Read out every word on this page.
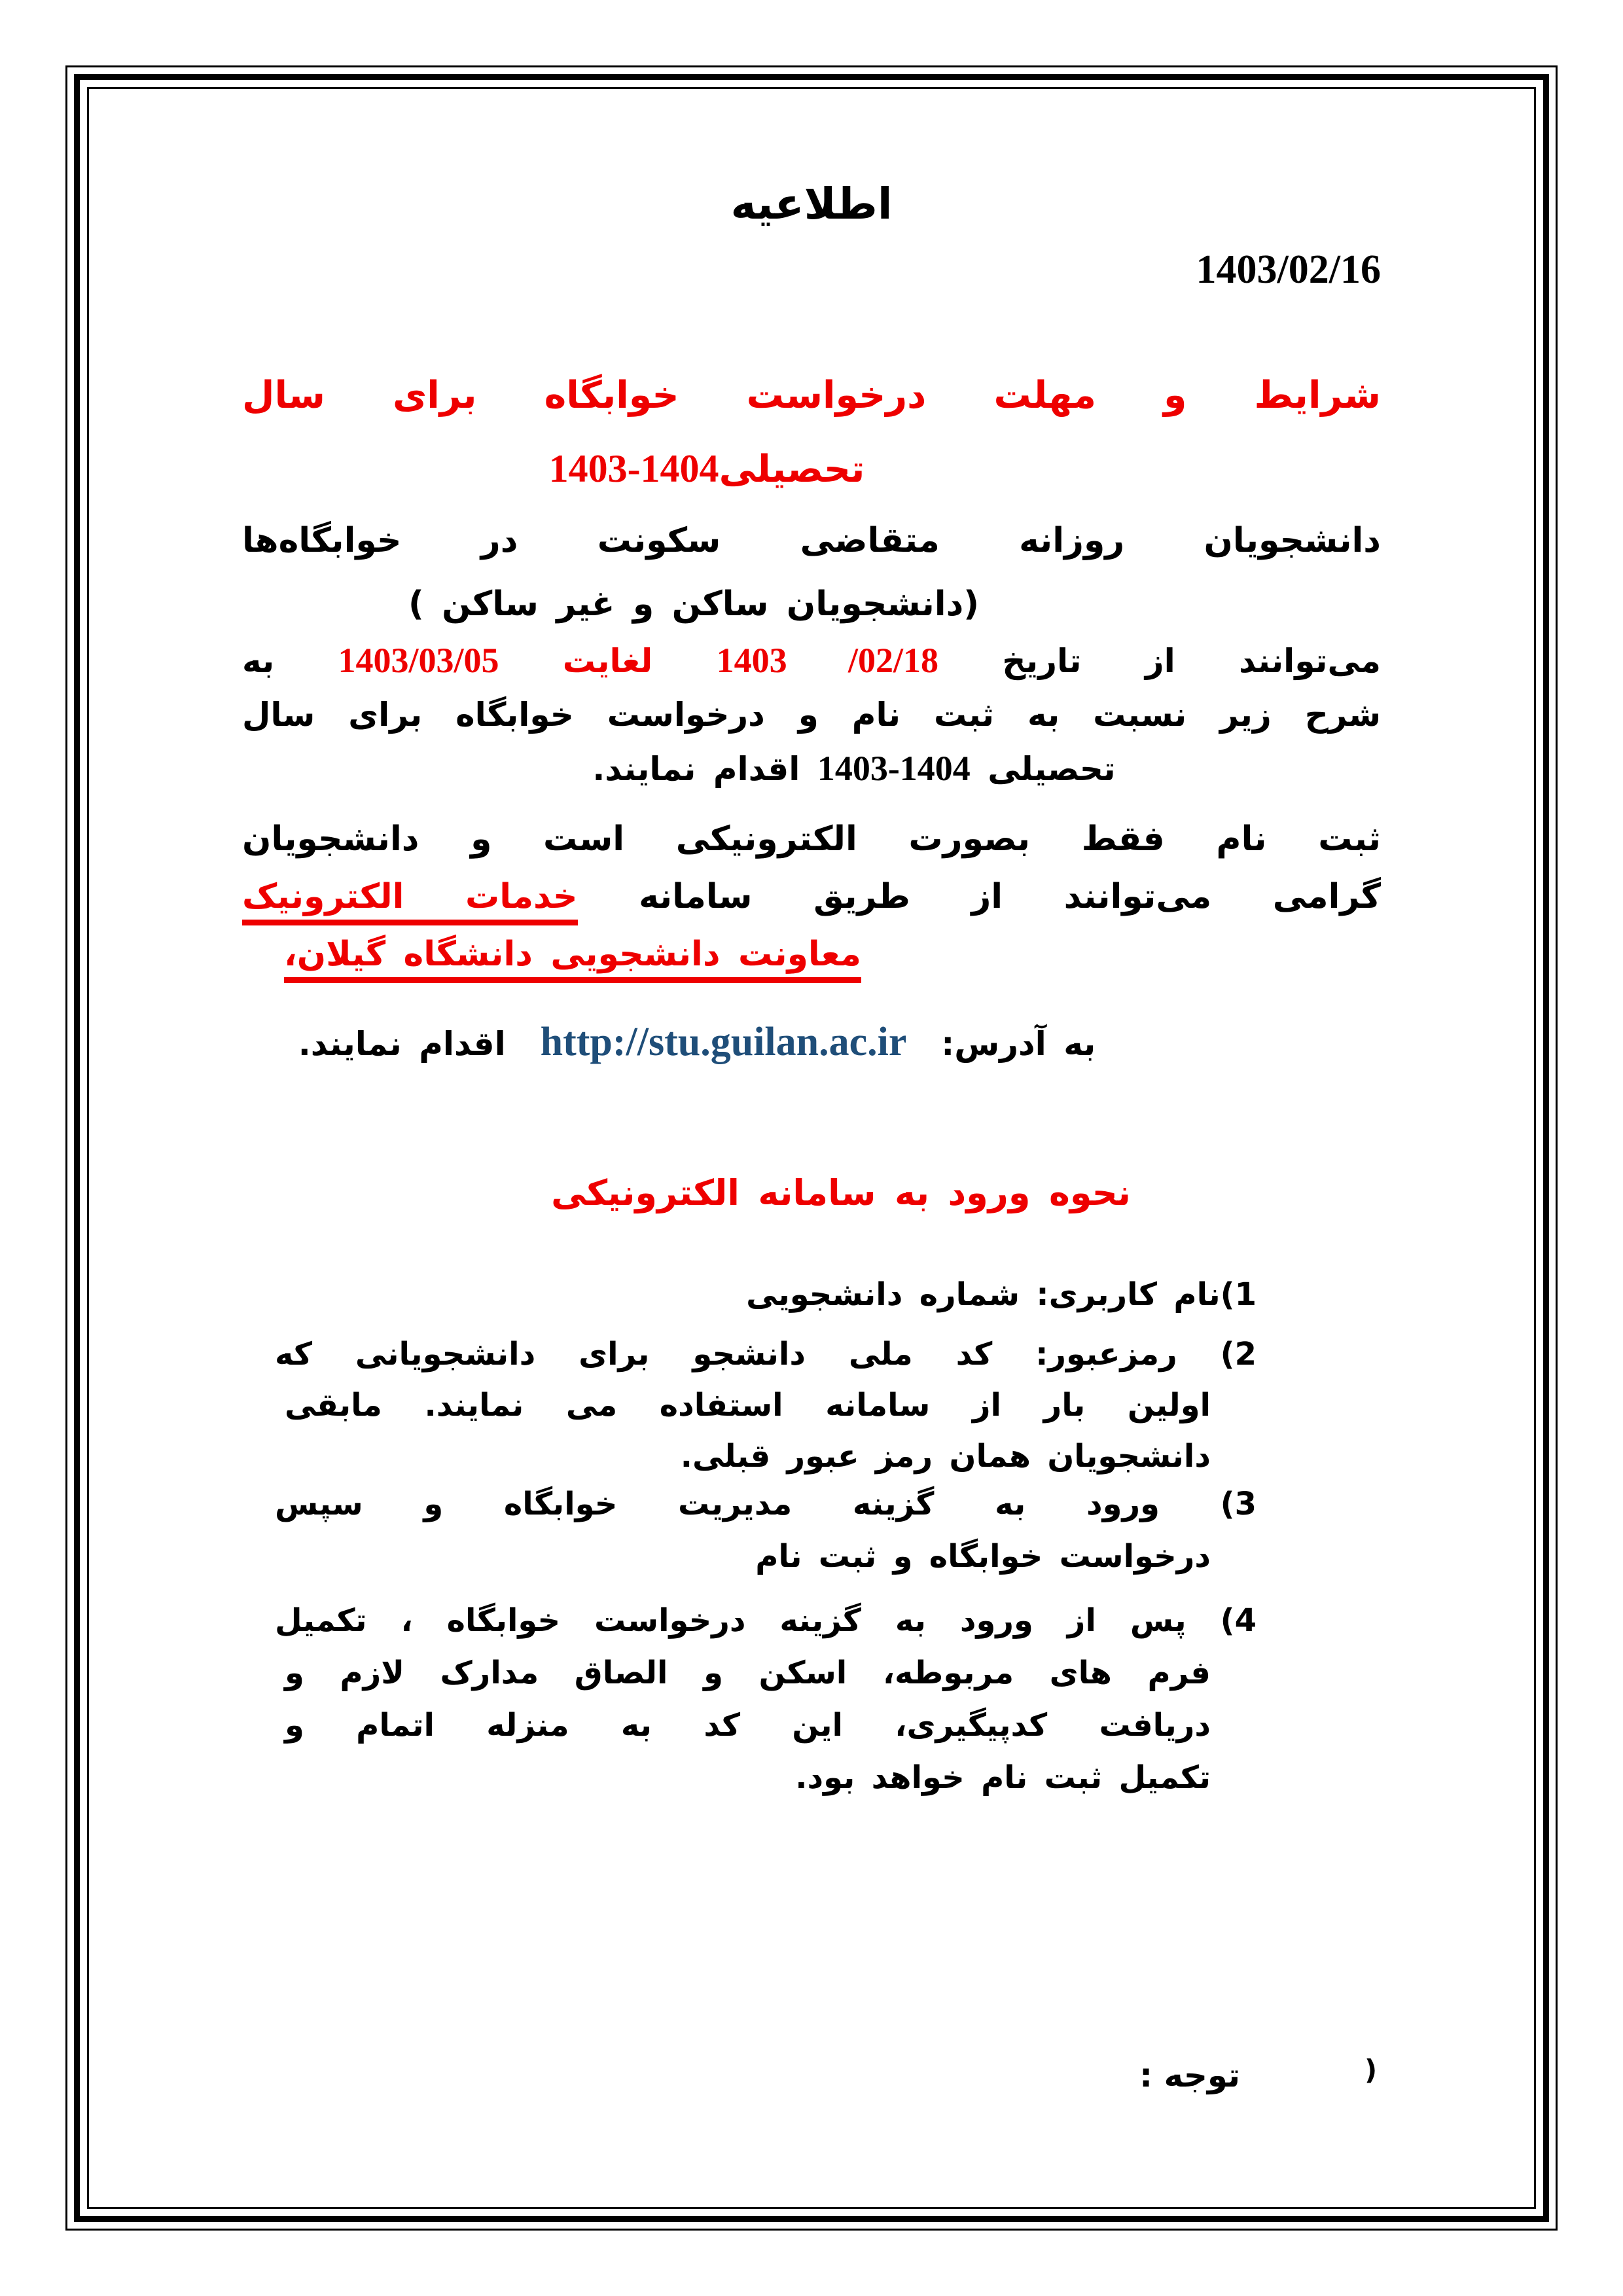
اطلاعیه
1403/02/16
شرایط و مهلت درخواست خوابگاه برای سال
تحصیلی1403-1404
دانشجویان روزانه متقاضی سکونت در خوابگاه‌ها
(دانشجویان ساکن و غیر ساکن )
می‌توانند از تاریخ 1403 /02/18 لغایت 1403/03/05 به
شرح زیر نسبت به ثبت نام و درخواست خوابگاه برای سال
تحصیلی 1403-1404 اقدام نمایند.
ثبت نام فقط بصورت الکترونیکی است و دانشجویان
گرامی می‌توانند از طریق سامانه خدمات الکترونیک
معاونت دانشجویی دانشگاه گیلان،
به آدرس:  http://stu.guilan.ac.ir  اقدام نمایند.
نحوه ورود به سامانه الکترونیکی
1)نام کاربری: شماره دانشجویی
2) رمزعبور: کد ملی دانشجو برای دانشجویانی که
اولین بار از سامانه استفاده می نمایند. مابقی
دانشجویان همان رمز عبور قبلی.
3) ورود به گزینه مدیریت خوابگاه و سپس
درخواست خوابگاه و ثبت نام
4) پس از ورود به گزینه درخواست خوابگاه ، تکمیل
فرم های مربوطه، اسکن و الصاق مدارک لازم و
دریافت کدپیگیری، این کد به منزله اتمام و
تکمیل ثبت نام خواهد بود.
توجه :	)
